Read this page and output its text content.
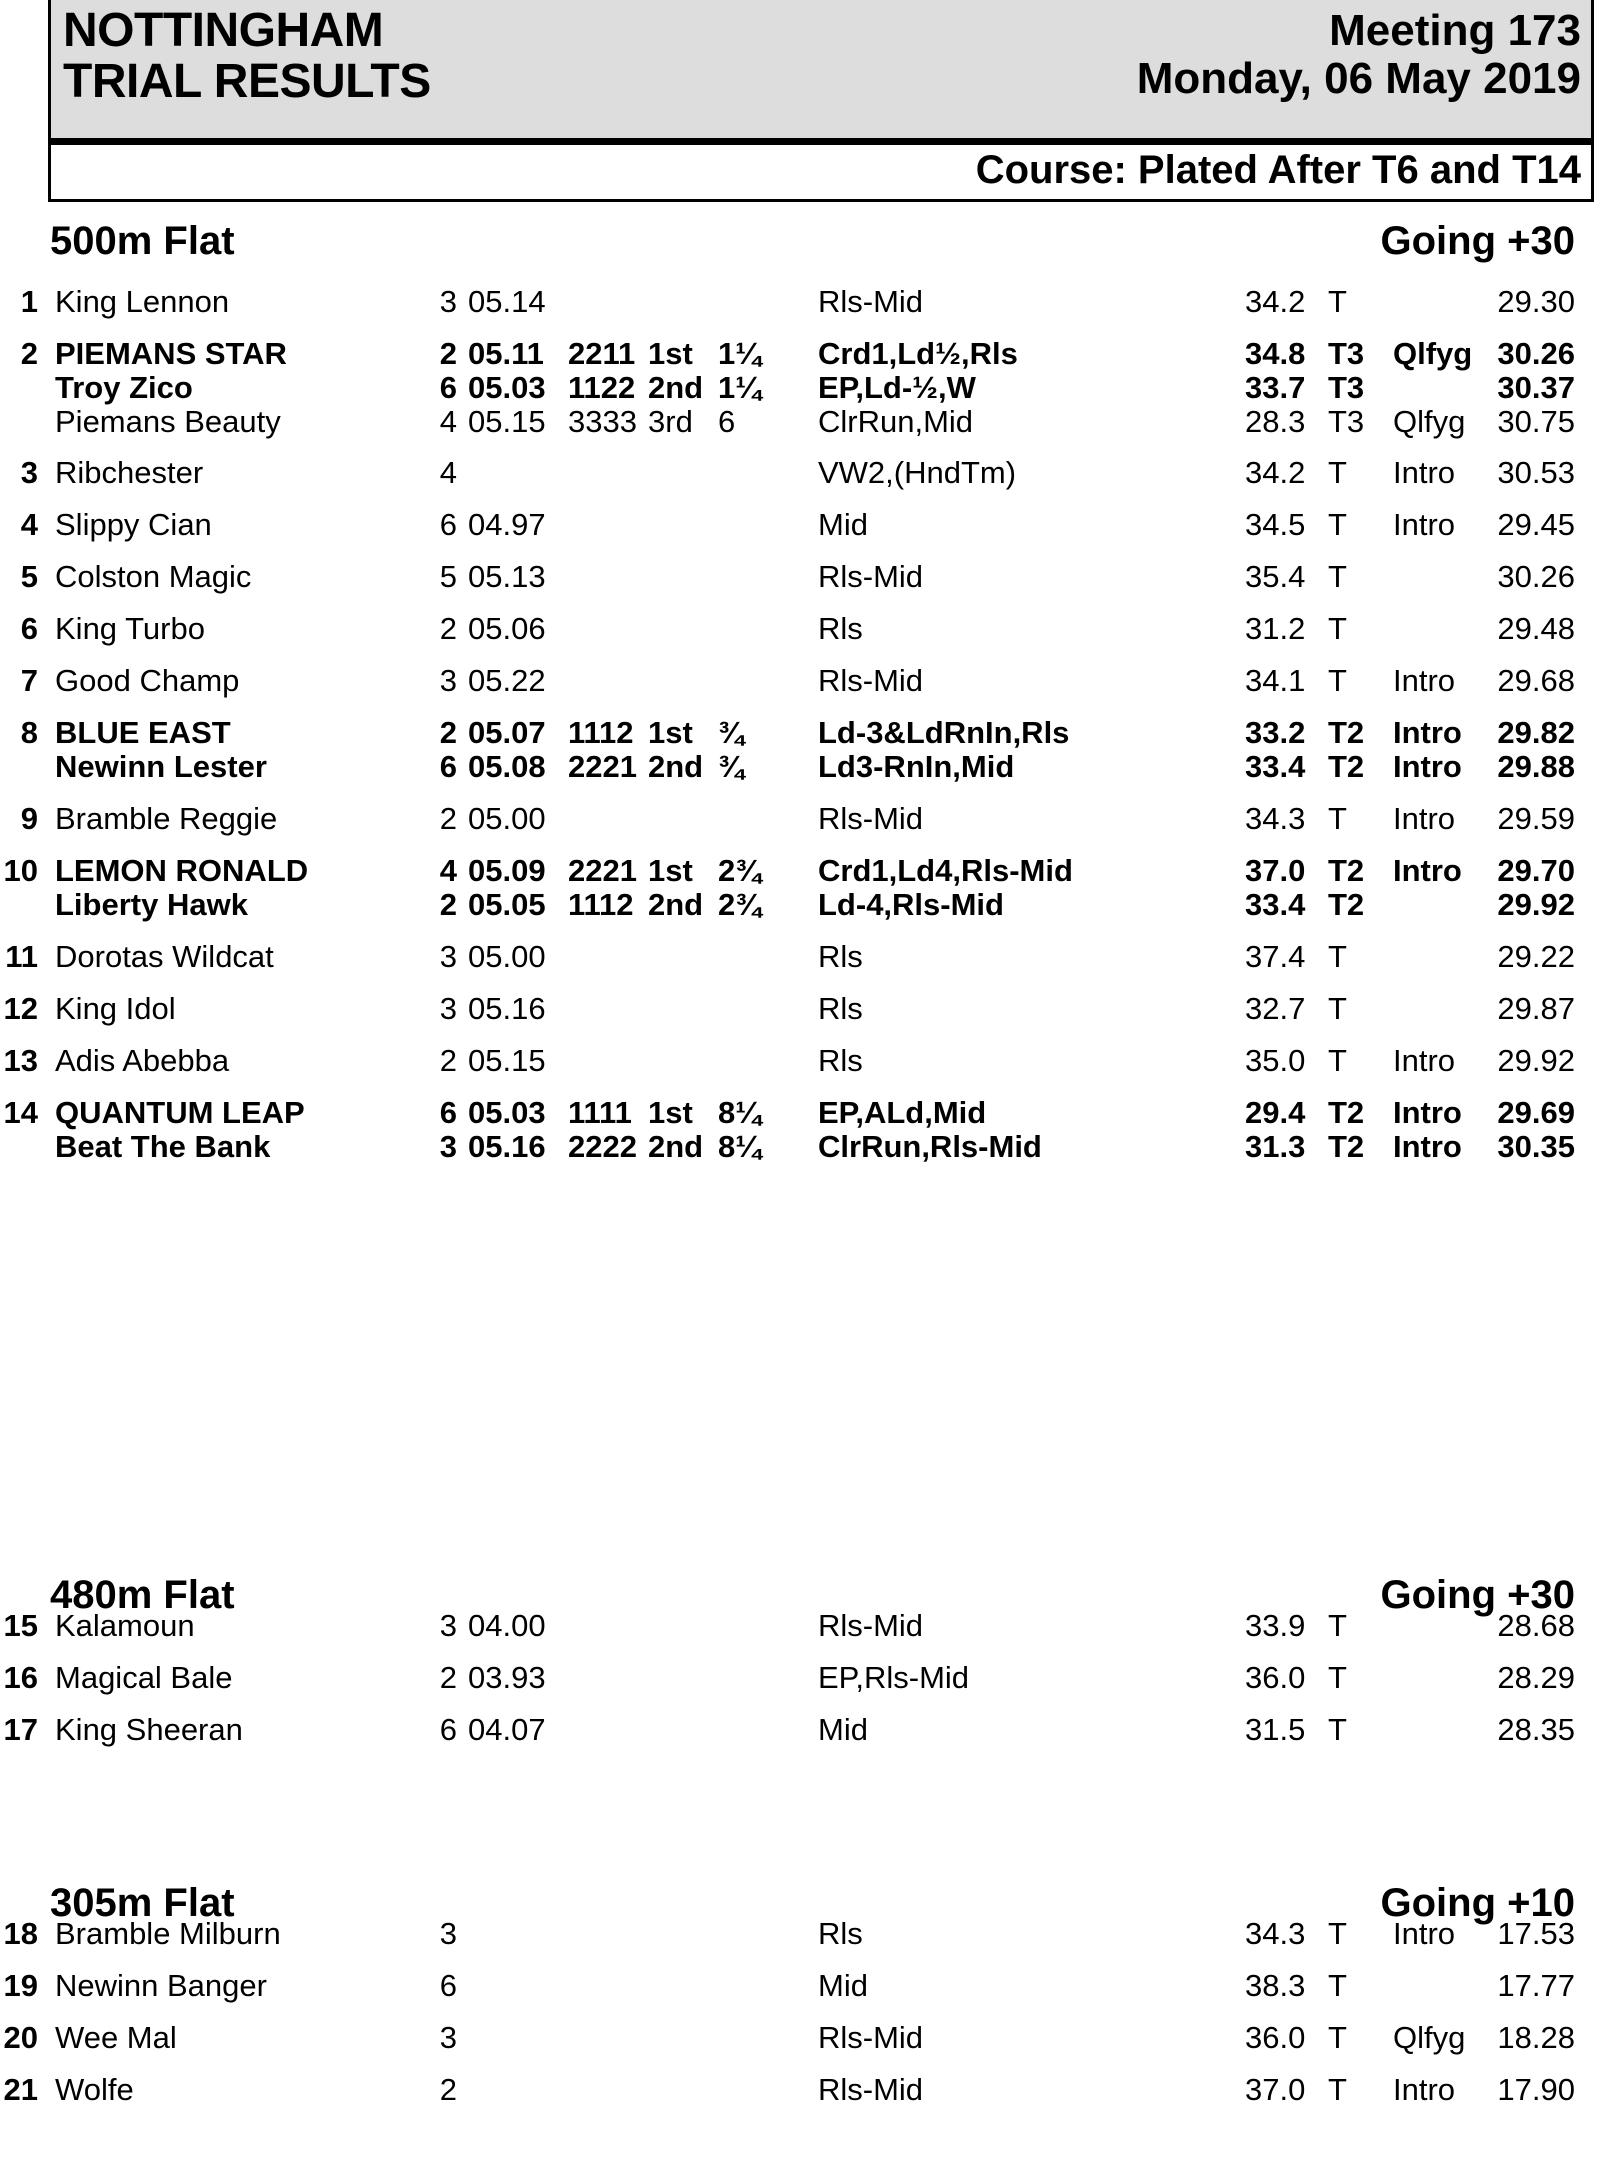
NOTTINGHAM
TRIAL RESULTS
Meeting 173
Monday, 06 May 2019
Course: Plated After T6 and T14
500m Flat	Going +30
1 King Lennon	3 05.14	Rls-Mid	34.2 T	29.30
2 PIEMANS STAR	2 05.11 2211 1st 1¼ Crd1,Ld½,Rls	34.8 T3 Qlfyg 30.26
Troy Zico	6 05.03 1122 2nd 1¼ EP,Ld-½,W	33.7 T3	30.37
Piemans Beauty	4 05.15 3333 3rd 6	ClrRun,Mid	28.3 T3 Qlfyg	30.75
3 Ribchester	4	VW2,(HndTm)	34.2 T Intro	30.53
4 Slippy Cian	6 04.97	Mid	34.5 T Intro	29.45
5 Colston Magic	5 05.13	Rls-Mid	35.4 T	30.26
6 King Turbo	2 05.06	Rls	31.2 T	29.48
7 Good Champ	3 05.22	Rls-Mid	34.1 T Intro	29.68
8 BLUE EAST	2 05.07 1112 1st ¾ Ld-3&LdRnIn,Rls	33.2 T2 Intro	29.82
Newinn Lester	6 05.08 2221 2nd ¾ Ld3-RnIn,Mid	33.4 T2 Intro	29.88
9 Bramble Reggie	2 05.00	Rls-Mid	34.3 T Intro	29.59
10 LEMON RONALD	4 05.09 2221 1st 2¾ Crd1,Ld4,Rls-Mid	37.0 T2 Intro	29.70
Liberty Hawk	2 05.05 1112 2nd 2¾ Ld-4,Rls-Mid	33.4 T2	29.92
11 Dorotas Wildcat	3 05.00	Rls	37.4 T	29.22
12 King Idol	3 05.16	Rls	32.7 T	29.87
13 Adis Abebba	2 05.15	Rls	35.0 T Intro	29.92
14 QUANTUM LEAP	6 05.03 1111 1st 8¼ EP,ALd,Mid	29.4 T2 Intro	29.69
Beat The Bank	3 05.16 2222 2nd 8¼ ClrRun,Rls-Mid	31.3 T2 Intro	30.35
480m Flat	Going +30
15 Kalamoun	3 04.00	Rls-Mid	33.9 T	28.68
16 Magical Bale	2 03.93	EP,Rls-Mid	36.0 T	28.29
17 King Sheeran	6 04.07	Mid	31.5 T	28.35
305m Flat	Going +10
18 Bramble Milburn	3	Rls	34.3 T Intro	17.53
19 Newinn Banger	6	Mid	38.3 T	17.77
20 Wee Mal	3	Rls-Mid	36.0 T Qlfyg	18.28
21 Wolfe	2	Rls-Mid	37.0 T Intro	17.90
